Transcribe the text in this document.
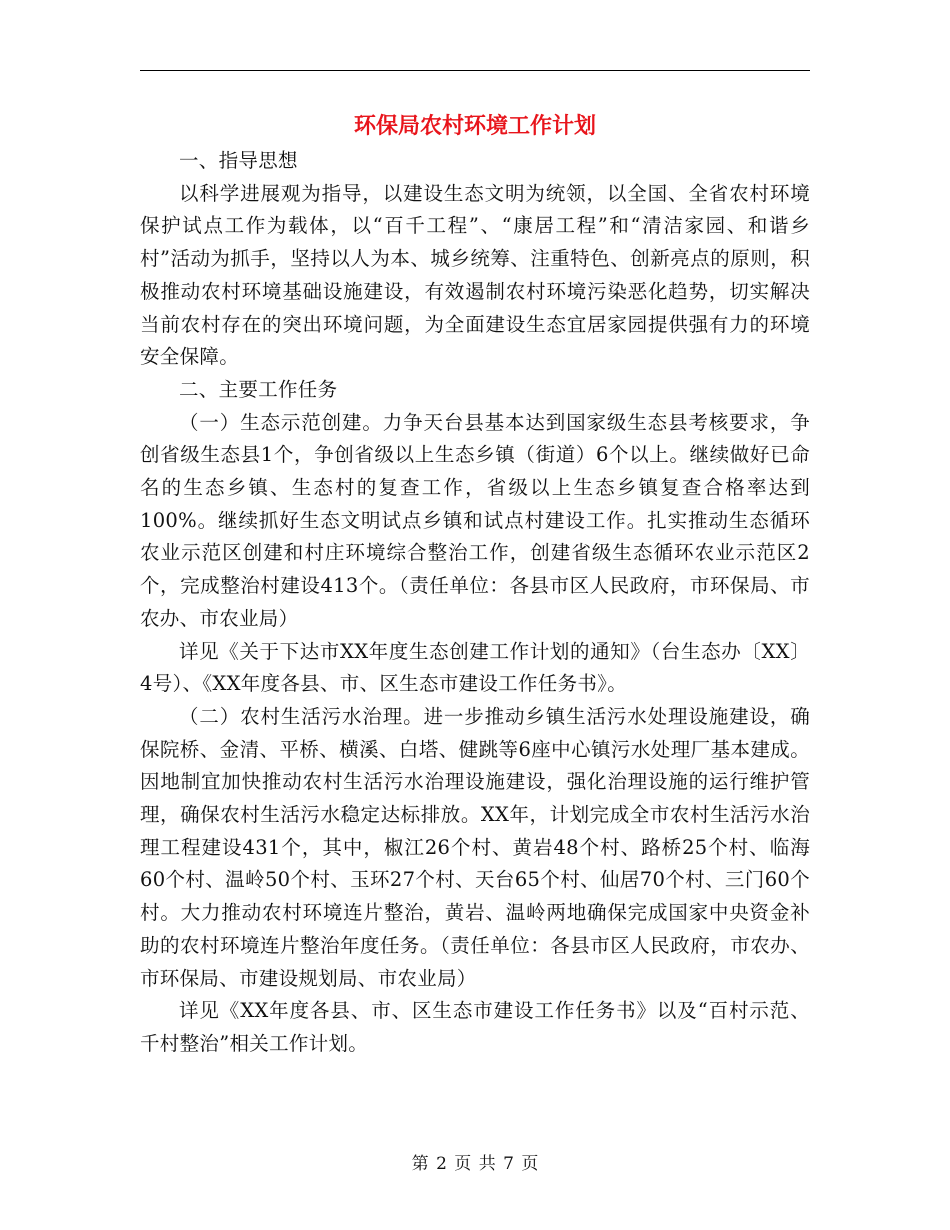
环保局农村环境工作计划

一、指导思想

以科学进展观为指导，以建设生态文明为统领，以全国、全省农村环境保护试点工作为载体，以“百千工程”、“康居工程”和“清洁家园、和谐乡村”活动为抓手，坚持以人为本、城乡统筹、注重特色、创新亮点的原则，积极推动农村环境基础设施建设，有效遏制农村环境污染恶化趋势，切实解决当前农村存在的突出环境问题，为全面建设生态宜居家园提供强有力的环境安全保障。

二、主要工作任务

（一）生态示范创建。力争天台县基本达到国家级生态县考核要求，争创省级生态县1个，争创省级以上生态乡镇（街道）6个以上。继续做好已命名的生态乡镇、生态村的复查工作，省级以上生态乡镇复查合格率达到100%。继续抓好生态文明试点乡镇和试点村建设工作。扎实推动生态循环农业示范区创建和村庄环境综合整治工作，创建省级生态循环农业示范区2个，完成整治村建设413个。（责任单位：各县市区人民政府，市环保局、市农办、市农业局）

详见《关于下达市XX年度生态创建工作计划的通知》（台生态办〔XX〕4号）、《XX年度各县、市、区生态市建设工作任务书》。

（二）农村生活污水治理。进一步推动乡镇生活污水处理设施建设，确保院桥、金清、平桥、横溪、白塔、健跳等6座中心镇污水处理厂基本建成。因地制宜加快推动农村生活污水治理设施建设，强化治理设施的运行维护管理，确保农村生活污水稳定达标排放。XX年，计划完成全市农村生活污水治理工程建设431个，其中，椒江26个村、黄岩48个村、路桥25个村、临海60个村、温岭50个村、玉环27个村、天台65个村、仙居70个村、三门60个村。大力推动农村环境连片整治，黄岩、温岭两地确保完成国家中央资金补助的农村环境连片整治年度任务。（责任单位：各县市区人民政府，市农办、市环保局、市建设规划局、市农业局）

详见《XX年度各县、市、区生态市建设工作任务书》以及“百村示范、千村整治”相关工作计划。

第 2 页 共 7 页
